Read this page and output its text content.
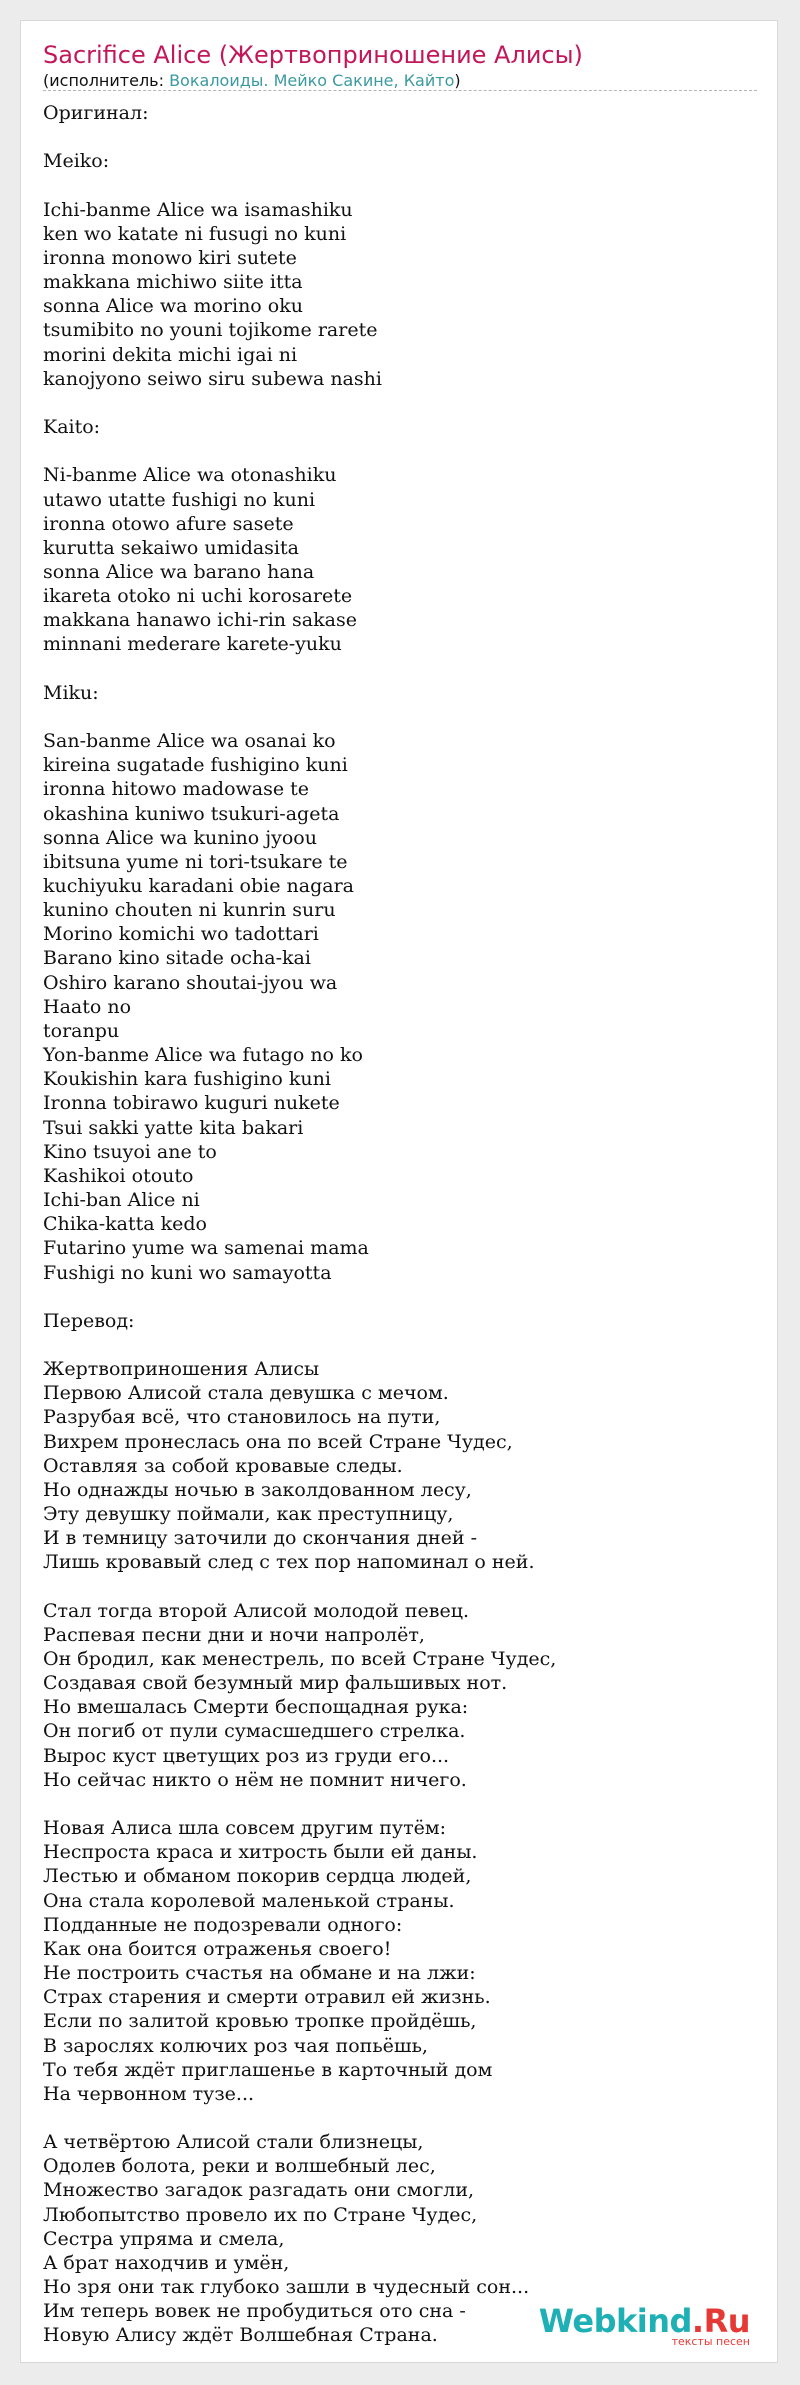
Sacrifice Alice (Жертвоприношение Алисы)
(исполнитель: Вокалоиды. Мейко Сакине, Кайто)
Оригинал:

Meiko:

Ichi-banme Alice wa isamashiku
ken wo katate ni fusugi no kuni
ironna monowo kiri sutete
makkana michiwo siite itta
sonna Alice wa morino oku
tsumibito no youni tojikome rarete
morini dekita michi igai ni
kanojyono seiwo siru subewa nashi

Kaito:

Ni-banme Alice wa otonashiku
utawo utatte fushigi no kuni
ironna otowo afure sasete
kurutta sekaiwo umidasita
sonna Alice wa barano hana
ikareta otoko ni uchi korosarete
makkana hanawo ichi-rin sakase
minnani mederare karete-yuku

Miku:

San-banme Alice wa osanai ko
kireina sugatade fushigino kuni
ironna hitowo madowase te
okashina kuniwo tsukuri-ageta
sonna Alice wa kunino jyoou
ibitsuna yume ni tori-tsukare te
kuchiyuku karadani obie nagara
kunino chouten ni kunrin suru
Morino komichi wo tadottari
Barano kino sitade ocha-kai
Oshiro karano shoutai-jyou wa
Haato no
toranpu
Yon-banme Alice wa futago no ko
Koukishin kara fushigino kuni
Ironna tobirawo kuguri nukete
Tsui sakki yatte kita bakari
Kino tsuyoi ane to
Kashikoi otouto
Ichi-ban Alice ni
Chika-katta kedo
Futarino yume wa samenai mama
Fushigi no kuni wo samayotta

Перевод:

Жертвоприношения Алисы
Первою Алисой стала девушка с мечом.
Разрубая всё, что становилось на пути,
Вихрем пронеслась она по всей Стране Чудес,
Оставляя за собой кровавые следы.
Но однажды ночью в заколдованном лесу,
Эту девушку поймали, как преступницу,
И в темницу заточили до скончания дней -
Лишь кровавый след с тех пор напоминал о ней.

Стал тогда второй Алисой молодой певец.
Распевая песни дни и ночи напролёт,
Он бродил, как менестрель, по всей Стране Чудес,
Создавая свой безумный мир фальшивых нот.
Но вмешалась Смерти беспощадная рука:
Он погиб от пули сумасшедшего стрелка.
Вырос куст цветущих роз из груди его...
Но сейчас никто о нём не помнит ничего.

Новая Алиса шла совсем другим путём:
Неспроста краса и хитрость были ей даны.
Лестью и обманом покорив сердца людей,
Она стала королевой маленькой страны.
Подданные не подозревали одного:
Как она боится отраженья своего!
Не построить счастья на обмане и на лжи:
Страх старения и смерти отравил ей жизнь.
Если по залитой кровью тропке пройдёшь,
В зарослях колючих роз чая попьёшь,
То тебя ждёт приглашенье в карточный дом
На червонном тузе...

А четвёртою Алисой стали близнецы,
Одолев болота, реки и волшебный лес,
Множество загадок разгадать они смогли,
Любопытство провело их по Стране Чудес,
Сестра упряма и смела,
А брат находчив и умён,
Но зря они так глубоко зашли в чудесный сон...
Им теперь вовек не пробудиться ото сна -
Новую Алису ждёт Волшебная Страна.	Webkind.Ru
тексты песен
